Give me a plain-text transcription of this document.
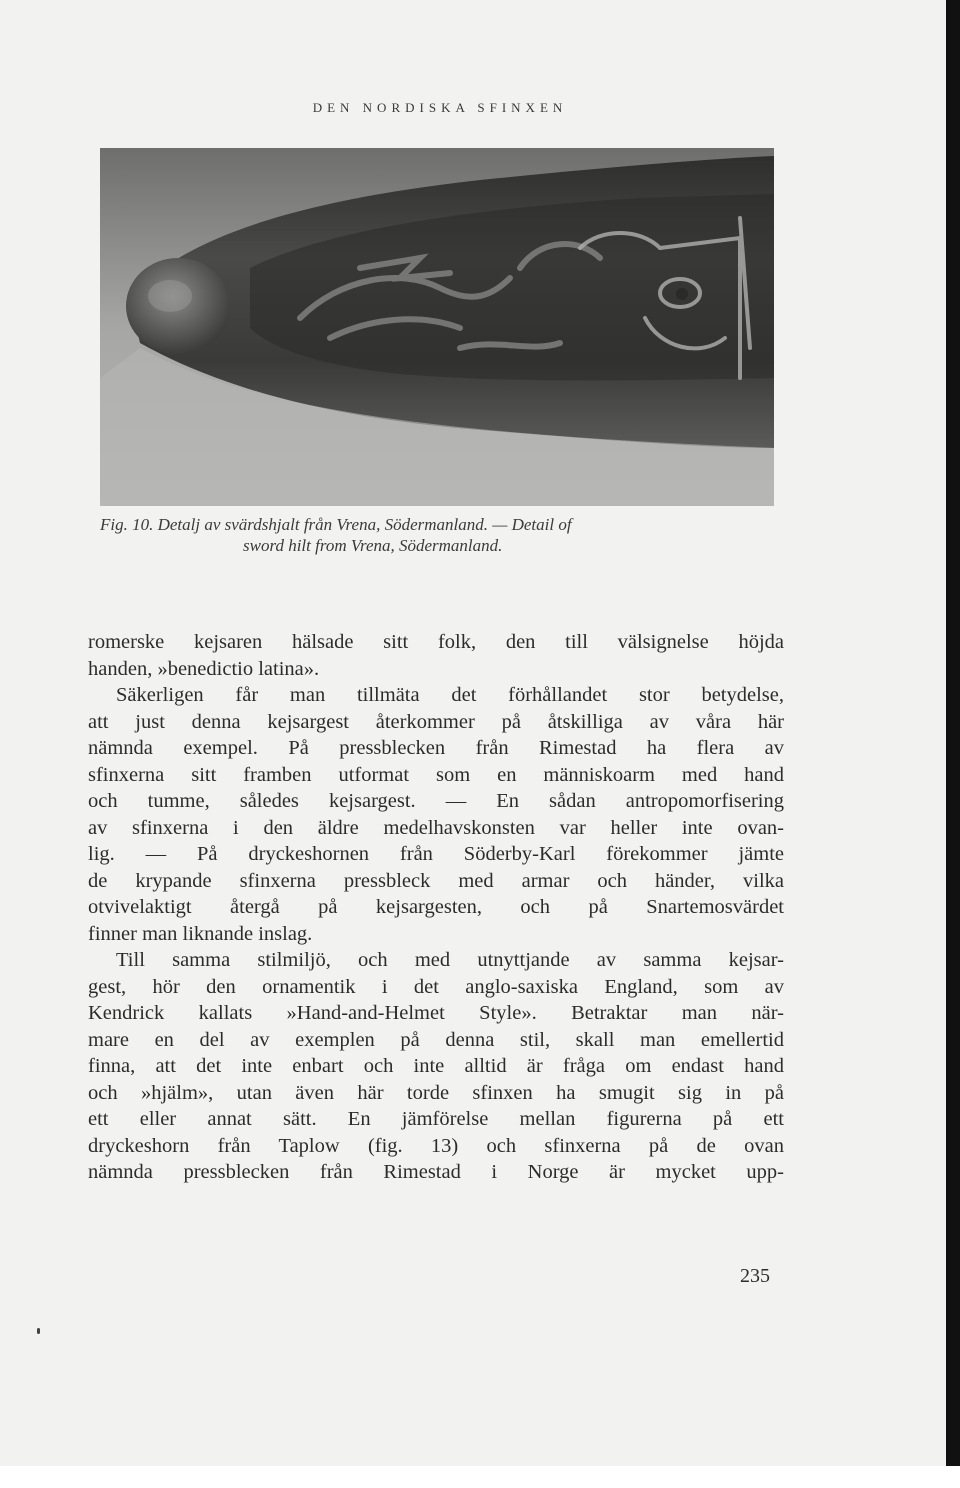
DEN NORDISKA SFINXEN
Fig. 10. Detalj av svärdshjalt från Vrena, Södermanland. — Detail of
sword hilt from Vrena, Södermanland.
romerske kejsaren hälsade sitt folk, den till välsignelse höjda
handen, »benedictio latina».
Säkerligen får man tillmäta det förhållandet stor betydelse,
att just denna kejsargest återkommer på åtskilliga av våra här
nämnda exempel. På pressblecken från Rimestad ha flera av
sfinxerna sitt framben utformat som en människoarm med hand
och tumme, således kejsargest. — En sådan antropomorfisering
av sfinxerna i den äldre medelhavskonsten var heller inte ovan-
lig. — På dryckeshornen från Söderby-Karl förekommer jämte
de krypande sfinxerna pressbleck med armar och händer, vilka
otvivelaktigt återgå på kejsargesten, och på Snartemosvärdet
finner man liknande inslag.
Till samma stilmiljö, och med utnyttjande av samma kejsar-
gest, hör den ornamentik i det anglo-saxiska England, som av
Kendrick kallats »Hand-and-Helmet Style». Betraktar man när-
mare en del av exemplen på denna stil, skall man emellertid
finna, att det inte enbart och inte alltid är fråga om endast hand
och »hjälm», utan även här torde sfinxen ha smugit sig in på
ett eller annat sätt. En jämförelse mellan figurerna på ett
dryckeshorn från Taplow (fig. 13) och sfinxerna på de ovan
nämnda pressblecken från Rimestad i Norge är mycket upp-
235
